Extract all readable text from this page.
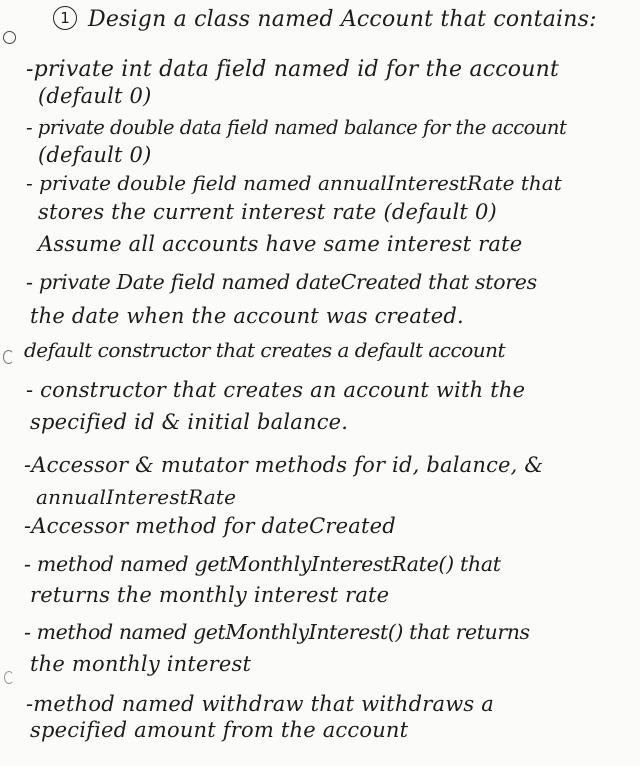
1 Design a class named Account that contains:
-private int data field named id for the account
(default 0)
- private double data field named balance for the account
(default 0)
- private double field named annualInterestRate that
stores the current interest rate (default 0)
Assume all accounts have same interest rate
- private Date field named dateCreated that stores
the date when the account was created.
default constructor that creates a default account
- constructor that creates an account with the
specified id & initial balance.
-Accessor & mutator methods for id, balance, &
annualInterestRate
-Accessor method for dateCreated
- method named getMonthlyInterestRate() that
returns the monthly interest rate
- method named getMonthlyInterest() that returns
the monthly interest
-method named withdraw that withdraws a
specified amount from the account
